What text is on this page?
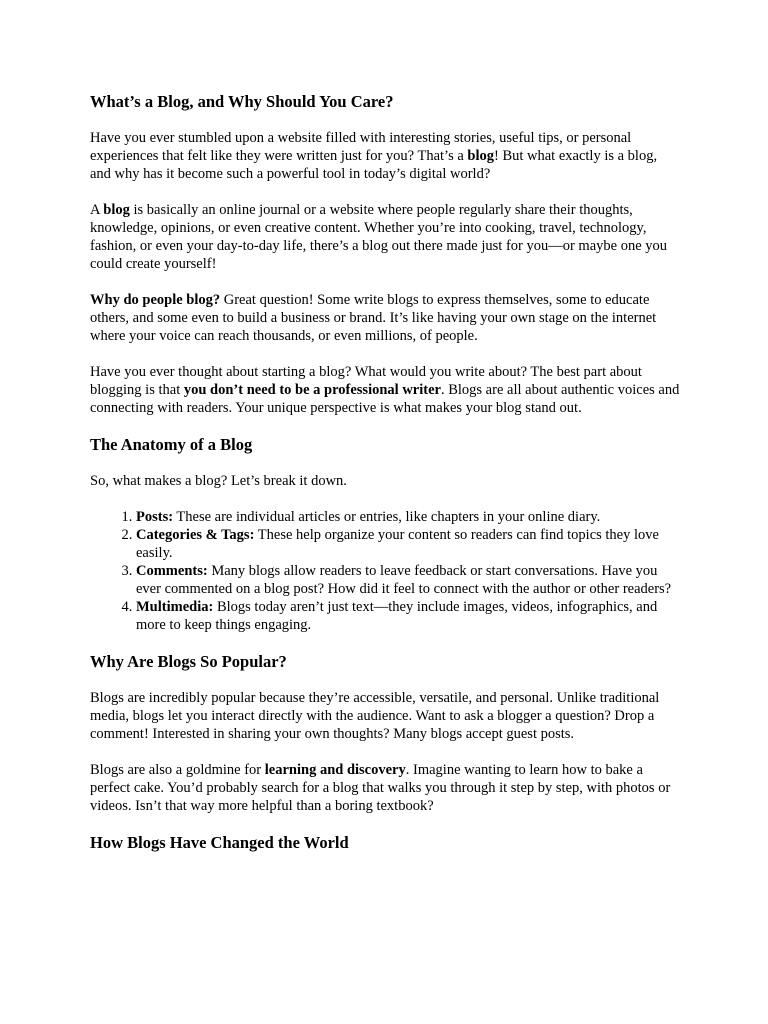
What’s a Blog, and Why Should You Care?

Have you ever stumbled upon a website filled with interesting stories, useful tips, or personal experiences that felt like they were written just for you? That’s a blog! But what exactly is a blog, and why has it become such a powerful tool in today’s digital world?

A blog is basically an online journal or a website where people regularly share their thoughts, knowledge, opinions, or even creative content. Whether you’re into cooking, travel, technology, fashion, or even your day-to-day life, there’s a blog out there made just for you—or maybe one you could create yourself!

Why do people blog? Great question! Some write blogs to express themselves, some to educate others, and some even to build a business or brand. It’s like having your own stage on the internet where your voice can reach thousands, or even millions, of people.

Have you ever thought about starting a blog? What would you write about? The best part about blogging is that you don’t need to be a professional writer. Blogs are all about authentic voices and connecting with readers. Your unique perspective is what makes your blog stand out.

The Anatomy of a Blog

So, what makes a blog? Let’s break it down.

1. Posts: These are individual articles or entries, like chapters in your online diary.
2. Categories & Tags: These help organize your content so readers can find topics they love easily.
3. Comments: Many blogs allow readers to leave feedback or start conversations. Have you ever commented on a blog post? How did it feel to connect with the author or other readers?
4. Multimedia: Blogs today aren’t just text—they include images, videos, infographics, and more to keep things engaging.
Why Are Blogs So Popular?

Blogs are incredibly popular because they’re accessible, versatile, and personal. Unlike traditional media, blogs let you interact directly with the audience. Want to ask a blogger a question? Drop a comment! Interested in sharing your own thoughts? Many blogs accept guest posts.

Blogs are also a goldmine for learning and discovery. Imagine wanting to learn how to bake a perfect cake. You’d probably search for a blog that walks you through it step by step, with photos or videos. Isn’t that way more helpful than a boring textbook?

How Blogs Have Changed the World
